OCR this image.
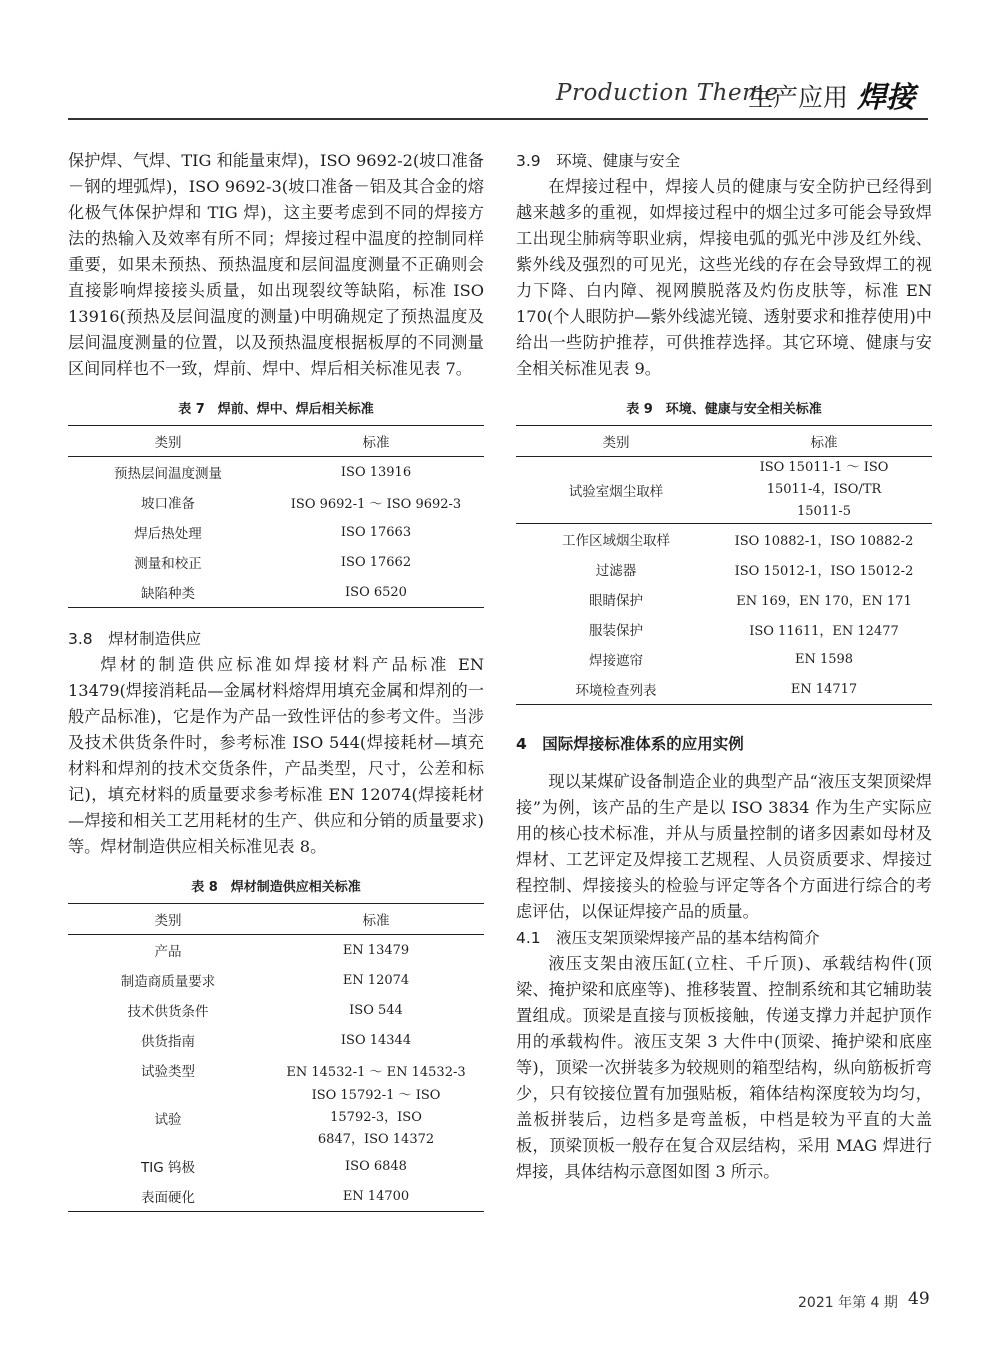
Production Theme
生产应用 焊接

保护焊、气焊、TIG 和能量束焊)，ISO 9692-2(坡口准备－钢的埋弧焊)，ISO 9692-3(坡口准备－铝及其合金的熔化极气体保护焊和 TIG 焊)，这主要考虑到不同的焊接方法的热输入及效率有所不同；焊接过程中温度的控制同样重要，如果未预热、预热温度和层间温度测量不正确则会直接影响焊接接头质量，如出现裂纹等缺陷，标准 ISO 13916(预热及层间温度的测量)中明确规定了预热温度及层间温度测量的位置，以及预热温度根据板厚的不同测量区间同样也不一致，焊前、焊中、焊后相关标准见表 7。

表 7　焊前、焊中、焊后相关标准

类别	标准
预热层间温度测量	ISO 13916
坡口准备	ISO 9692-1 ～ ISO 9692-3
焊后热处理	ISO 17663
测量和校正	ISO 17662
缺陷种类	ISO 6520

3.8　焊材制造供应

焊材的制造供应标准如焊接材料产品标准 EN 13479(焊接消耗品—金属材料熔焊用填充金属和焊剂的一般产品标准)，它是作为产品一致性评估的参考文件。当涉及技术供货条件时，参考标准 ISO 544(焊接耗材—填充材料和焊剂的技术交货条件，产品类型，尺寸，公差和标记)，填充材料的质量要求参考标准 EN 12074(焊接耗材—焊接和相关工艺用耗材的生产、供应和分销的质量要求)等。焊材制造供应相关标准见表 8。

表 8　焊材制造供应相关标准

类别	标准
产品	EN 13479
制造商质量要求	EN 12074
技术供货条件	ISO 544
供货指南	ISO 14344
试验类型	EN 14532-1 ～ EN 14532-3
试验	ISO 15792-1 ～ ISO 15792-3，ISO 6847，ISO 14372
TIG 钨极	ISO 6848
表面硬化	EN 14700

3.9　环境、健康与安全

在焊接过程中，焊接人员的健康与安全防护已经得到越来越多的重视，如焊接过程中的烟尘过多可能会导致焊工出现尘肺病等职业病，焊接电弧的弧光中涉及红外线、紫外线及强烈的可见光，这些光线的存在会导致焊工的视力下降、白内障、视网膜脱落及灼伤皮肤等，标准 EN 170(个人眼防护—紫外线滤光镜、透射要求和推荐使用)中给出一些防护推荐，可供推荐选择。其它环境、健康与安全相关标准见表 9。

表 9　环境、健康与安全相关标准

类别	标准
试验室烟尘取样	ISO 15011-1 ～ ISO 15011-4，ISO/TR 15011-5
工作区域烟尘取样	ISO 10882-1，ISO 10882-2
过滤器	ISO 15012-1，ISO 15012-2
眼睛保护	EN 169，EN 170，EN 171
服装保护	ISO 11611，EN 12477
焊接遮帘	EN 1598
环境检查列表	EN 14717

4　国际焊接标准体系的应用实例

现以某煤矿设备制造企业的典型产品“液压支架顶梁焊接”为例，该产品的生产是以 ISO 3834 作为生产实际应用的核心技术标准，并从与质量控制的诸多因素如母材及焊材、工艺评定及焊接工艺规程、人员资质要求、焊接过程控制、焊接接头的检验与评定等各个方面进行综合的考虑评估，以保证焊接产品的质量。

4.1　液压支架顶梁焊接产品的基本结构简介

液压支架由液压缸(立柱、千斤顶)、承载结构件(顶梁、掩护梁和底座等)、推移装置、控制系统和其它辅助装置组成。顶梁是直接与顶板接触，传递支撑力并起护顶作用的承载构件。液压支架 3 大件中(顶梁、掩护梁和底座等)，顶梁一次拼装多为较规则的箱型结构，纵向筋板折弯少，只有铰接位置有加强贴板，箱体结构深度较为均匀，盖板拼装后，边档多是弯盖板，中档是较为平直的大盖板，顶梁顶板一般存在复合双层结构，采用 MAG 焊进行焊接，具体结构示意图如图 3 所示。

2021 年第 4 期 49
